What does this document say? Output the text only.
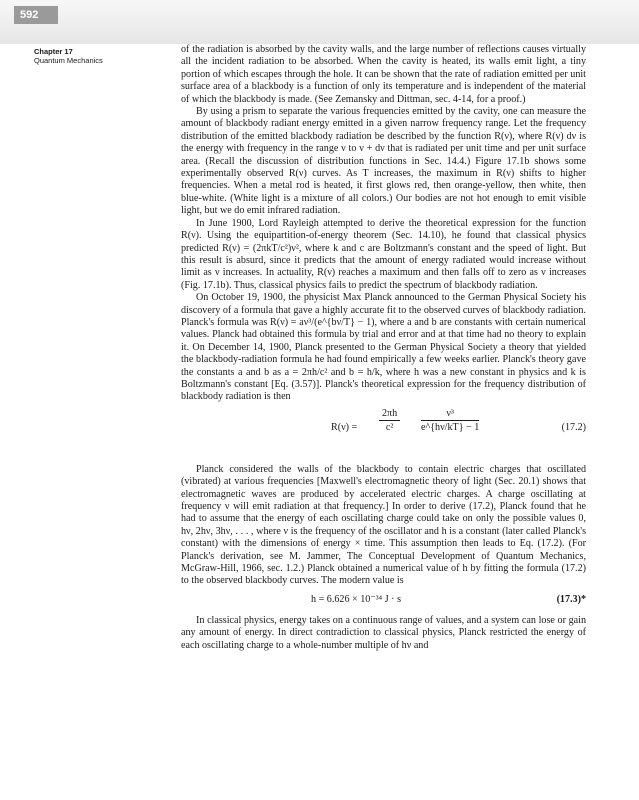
592
Chapter 17
Quantum Mechanics

of the radiation is absorbed by the cavity walls, and the large number of reflections causes virtually all the incident radiation to be absorbed. When the cavity is heated, its walls emit light, a tiny portion of which escapes through the hole. It can be shown that the rate of radiation emitted per unit surface area of a blackbody is a function of only its temperature and is independent of the material of which the blackbody is made. (See Zemansky and Dittman, sec. 4-14, for a proof.)

By using a prism to separate the various frequencies emitted by the cavity, one can measure the amount of blackbody radiant energy emitted in a given narrow frequency range. Let the frequency distribution of the emitted blackbody radiation be described by the function R(ν), where R(ν) dν is the energy with frequency in the range ν to ν + dν that is radiated per unit time and per unit surface area. (Recall the discussion of distribution functions in Sec. 14.4.) Figure 17.1b shows some experimentally observed R(ν) curves. As T increases, the maximum in R(ν) shifts to higher frequencies. When a metal rod is heated, it first glows red, then orange-yellow, then white, then blue-white. (White light is a mixture of all colors.) Our bodies are not hot enough to emit visible light, but we do emit infrared radiation.

In June 1900, Lord Rayleigh attempted to derive the theoretical expression for the function R(ν). Using the equipartition-of-energy theorem (Sec. 14.10), he found that classical physics predicted R(ν) = (2πkT/c²)ν², where k and c are Boltzmann's constant and the speed of light. But this result is absurd, since it predicts that the amount of energy radiated would increase without limit as ν increases. In actuality, R(ν) reaches a maximum and then falls off to zero as ν increases (Fig. 17.1b). Thus, classical physics fails to predict the spectrum of blackbody radiation.

On October 19, 1900, the physicist Max Planck announced to the German Physical Society his discovery of a formula that gave a highly accurate fit to the observed curves of blackbody radiation. Planck's formula was R(ν) = aν³/(e^{bν/T} − 1), where a and b are constants with certain numerical values. Planck had obtained this formula by trial and error and at that time had no theory to explain it. On December 14, 1900, Planck presented to the German Physical Society a theory that yielded the blackbody-radiation formula he had found empirically a few weeks earlier. Planck's theory gave the constants a and b as a = 2πh/c² and b = h/k, where h was a new constant in physics and k is Boltzmann's constant [Eq. (3.57)]. Planck's theoretical expression for the frequency distribution of blackbody radiation is then

$R(\nu) = \frac{2\pi h}{\text{c²}} \frac{\text{ν³}}{e\^{}\{h\nu/kT\} - 1}$	(17.2)

Planck considered the walls of the blackbody to contain electric charges that oscillated (vibrated) at various frequencies [Maxwell's electromagnetic theory of light (Sec. 20.1) shows that electromagnetic waves are produced by accelerated electric charges. A charge oscillating at frequency ν will emit radiation at that frequency.] In order to derive (17.2), Planck found that he had to assume that the energy of each oscillating charge could take on only the possible values 0, hν, 2hν, 3hν, . . . , where ν is the frequency of the oscillator and h is a constant (later called Planck's constant) with the dimensions of energy × time. This assumption then leads to Eq. (17.2). (For Planck's derivation, see M. Jammer, The Conceptual Development of Quantum Mechanics, McGraw-Hill, 1966, sec. 1.2.) Planck obtained a numerical value of h by fitting the formula (17.2) to the observed blackbody curves. The modern value is

h = 6.626 × 10⁻³⁴ J · s	(17.3)*

In classical physics, energy takes on a continuous range of values, and a system can lose or gain any amount of energy. In direct contradiction to classical physics, Planck restricted the energy of each oscillating charge to a whole-number multiple of hν and
